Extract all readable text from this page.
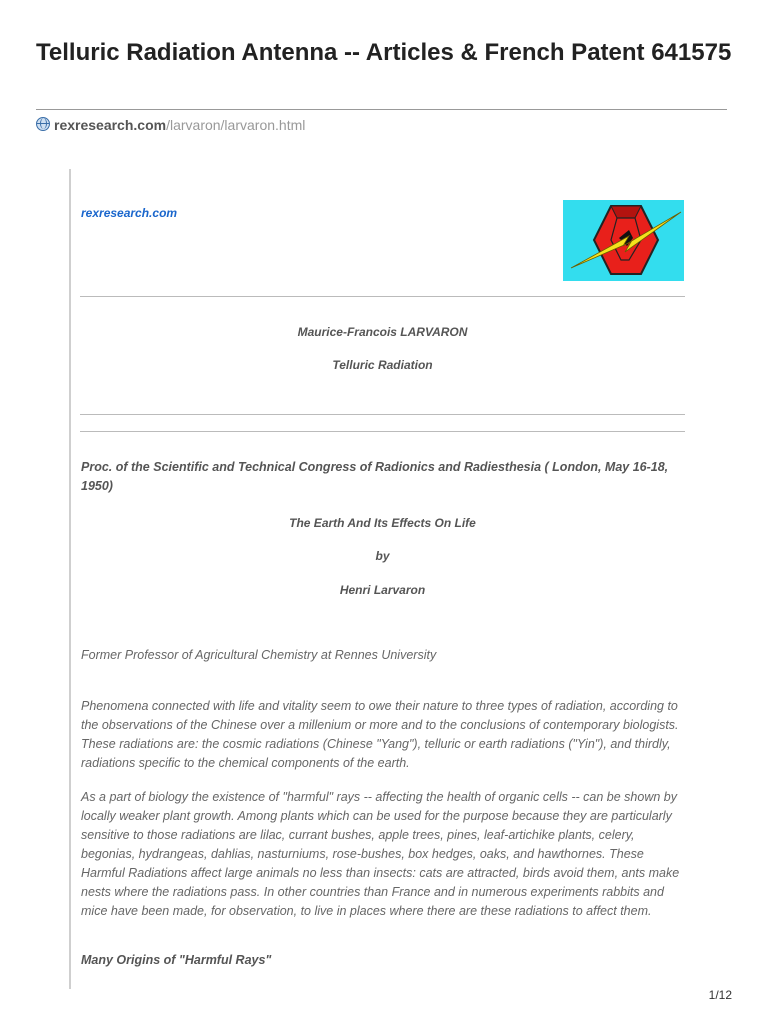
Telluric Radiation Antenna -- Articles & French Patent 641575
rexresearch.com/larvaron/larvaron.html
rexresearch.com
Maurice-Francois LARVARON
Telluric Radiation

Proc. of the Scientific and Technical Congress of Radionics and Radiesthesia ( London, May 16-18, 1950)

The Earth And Its Effects On Life
by
Henri Larvaron

Former Professor of Agricultural Chemistry at Rennes University

Phenomena connected with life and vitality seem to owe their nature to three types of radiation, according to the observations of the Chinese over a millenium or more and to the conclusions of contemporary biologists. These radiations are: the cosmic radiations (Chinese "Yang"), telluric or earth radiations ("Yin"), and thirdly, radiations specific to the chemical components of the earth.

As a part of biology the existence of "harmful" rays -- affecting the health of organic cells -- can be shown by locally weaker plant growth. Among plants which can be used for the purpose because they are particularly sensitive to those radiations are lilac, currant bushes, apple trees, pines, leaf-artichike plants, celery, begonias, hydrangeas, dahlias, nasturniums, rose-bushes, box hedges, oaks, and hawthornes. These Harmful Radiations affect large animals no less than insects: cats are attracted, birds avoid them, ants make nests where the radiations pass. In other countries than France and in numerous experiments rabbits and mice have been made, for observation, to live in places where there are these radiations to affect them.

Many Origins of "Harmful Rays"

1/12
